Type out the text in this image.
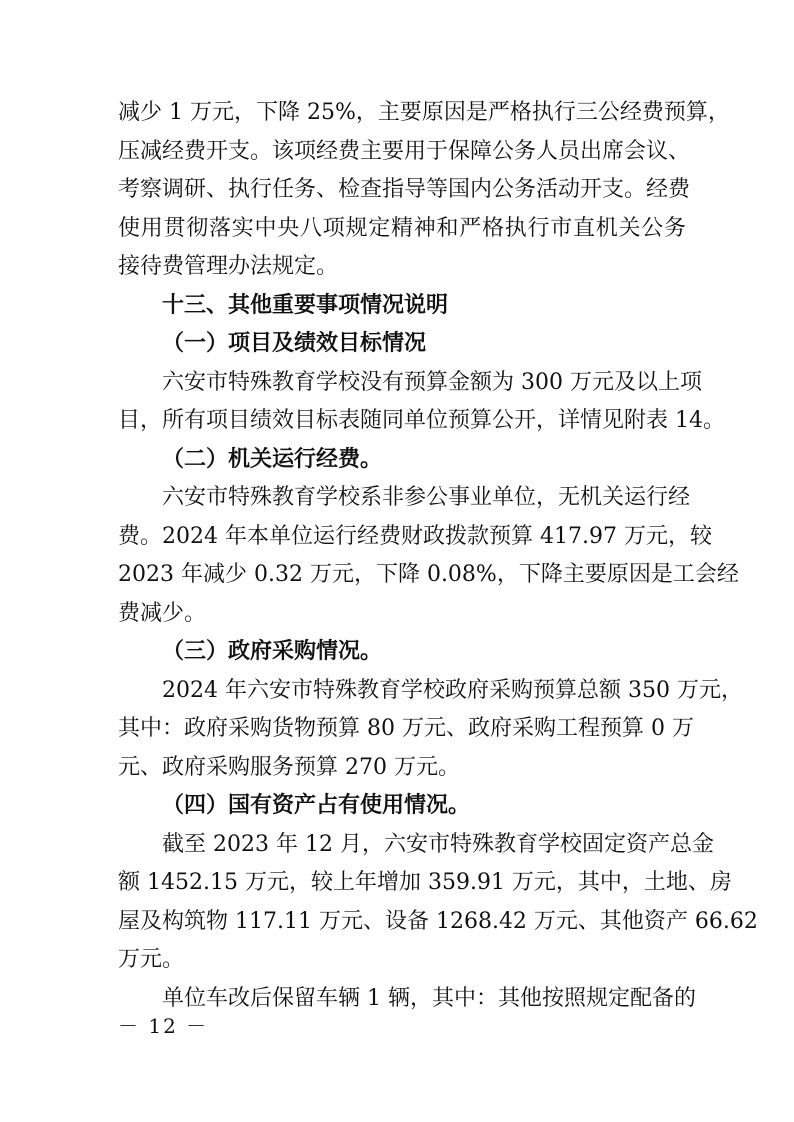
减少 1 万元，下降 25%，主要原因是严格执行三公经费预算，
压减经费开支。该项经费主要用于保障公务人员出席会议、
考察调研、执行任务、检查指导等国内公务活动开支。经费
使用贯彻落实中央八项规定精神和严格执行市直机关公务
接待费管理办法规定。
十三、其他重要事项情况说明
（一）项目及绩效目标情况
六安市特殊教育学校没有预算金额为 300 万元及以上项
目，所有项目绩效目标表随同单位预算公开，详情见附表 14。
（二）机关运行经费。
六安市特殊教育学校系非参公事业单位，无机关运行经
费。2024 年本单位运行经费财政拨款预算 417.97 万元，较
2023 年减少 0.32 万元，下降 0.08%，下降主要原因是工会经
费减少。
（三）政府采购情况。
2024 年六安市特殊教育学校政府采购预算总额 350 万元，
其中：政府采购货物预算 80 万元、政府采购工程预算 0 万
元、政府采购服务预算 270 万元。
（四）国有资产占有使用情况。
截至 2023 年 12 月，六安市特殊教育学校固定资产总金
额 1452.15 万元，较上年增加 359.91 万元，其中，土地、房
屋及构筑物 117.11 万元、设备 1268.42 万元、其他资产 66.62
万元。
单位车改后保留车辆 1 辆，其中：其他按照规定配备的
－ 12 －
